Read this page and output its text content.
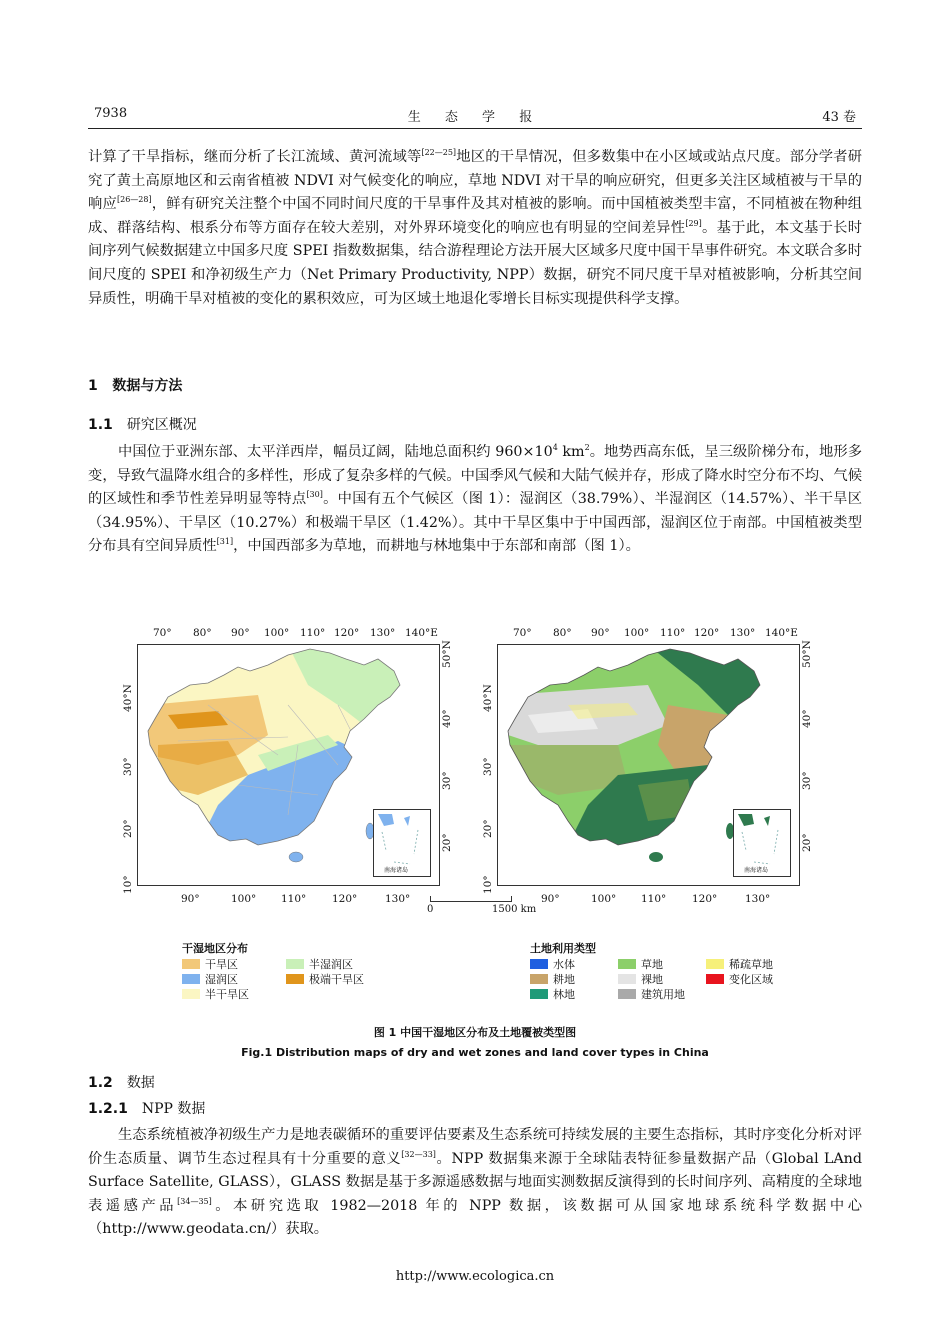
7938	生 态 学 报	43 卷

计算了干旱指标，继而分析了长江流域、黄河流域等[22—25]地区的干旱情况，但多数集中在小区域或站点尺度。部分学者研究了黄土高原地区和云南省植被 NDVI 对气候变化的响应，草地 NDVI 对干旱的响应研究，但更多关注区域植被与干旱的响应[26—28]，鲜有研究关注整个中国不同时间尺度的干旱事件及其对植被的影响。而中国植被类型丰富，不同植被在物种组成、群落结构、根系分布等方面存在较大差别，对外界环境变化的响应也有明显的空间差异性[29]。基于此，本文基于长时间序列气候数据建立中国多尺度 SPEI 指数数据集，结合游程理论方法开展大区域多尺度中国干旱事件研究。本文联合多时间尺度的 SPEI 和净初级生产力（Net Primary Productivity, NPP）数据，研究不同尺度干旱对植被影响，分析其空间异质性，明确干旱对植被的变化的累积效应，可为区域土地退化零增长目标实现提供科学支撑。

1 数据与方法
1.1 研究区概况

中国位于亚洲东部、太平洋西岸，幅员辽阔，陆地总面积约 $960\times 10^4$ $km^2$。地势西高东低，呈三级阶梯分布，地形多变，导致气温降水组合的多样性，形成了复杂多样的气候。中国季风气候和大陆气候并存，形成了降水时空分布不均、气候的区域性和季节性差异明显等特点[30]。中国有五个气候区（图 1）：湿润区（38.79%）、半湿润区（14.57%）、半干旱区（34.95%）、干旱区（10.27%）和极端干旱区（1.42%）。其中干旱区集中于中国西部，湿润区位于南部。中国植被类型分布具有空间异质性[31]，中国西部多为草地，而耕地与林地集中于东部和南部（图 1）。

南海诸岛	南海诸岛
70° 80° 90° 100° 110° 120° 130° 140°E
90°	100° 110° 120°	130°
40°N
30°
20°
10°
50°N
40°
30°
20°
70° 80° 90° 100° 110° 120° 130° 140°E
90°	100° 110° 120°	130°
40°N
30°
20°
10°
50°N
40°
30°
20°
0	1500 km
干湿地区分布
干旱区	半湿润区
湿润区	极端干旱区
半干旱区
土地利用类型
水体	草地	稀疏草地
耕地	裸地	变化区域
林地	建筑用地
图 1 中国干湿地区分布及土地覆被类型图
Fig.1 Distribution maps of dry and wet zones and land cover types in China
1.2 数据
1.2.1 NPP 数据

生态系统植被净初级生产力是地表碳循环的重要评估要素及生态系统可持续发展的主要生态指标，其时序变化分析对评价生态质量、调节生态过程具有十分重要的意义[32—33]。NPP 数据集来源于全球陆表特征参量数据产品（Global LAnd Surface Satellite, GLASS），GLASS 数据是基于多源遥感数据与地面实测数据反演得到的长时间序列、高精度的全球地表遥感产品[34—35]。本研究选取 1982—2018 年的 NPP 数据，该数据可从国家地球系统科学数据中心（http://www.geodata.cn/）获取。

http://www.ecologica.cn
